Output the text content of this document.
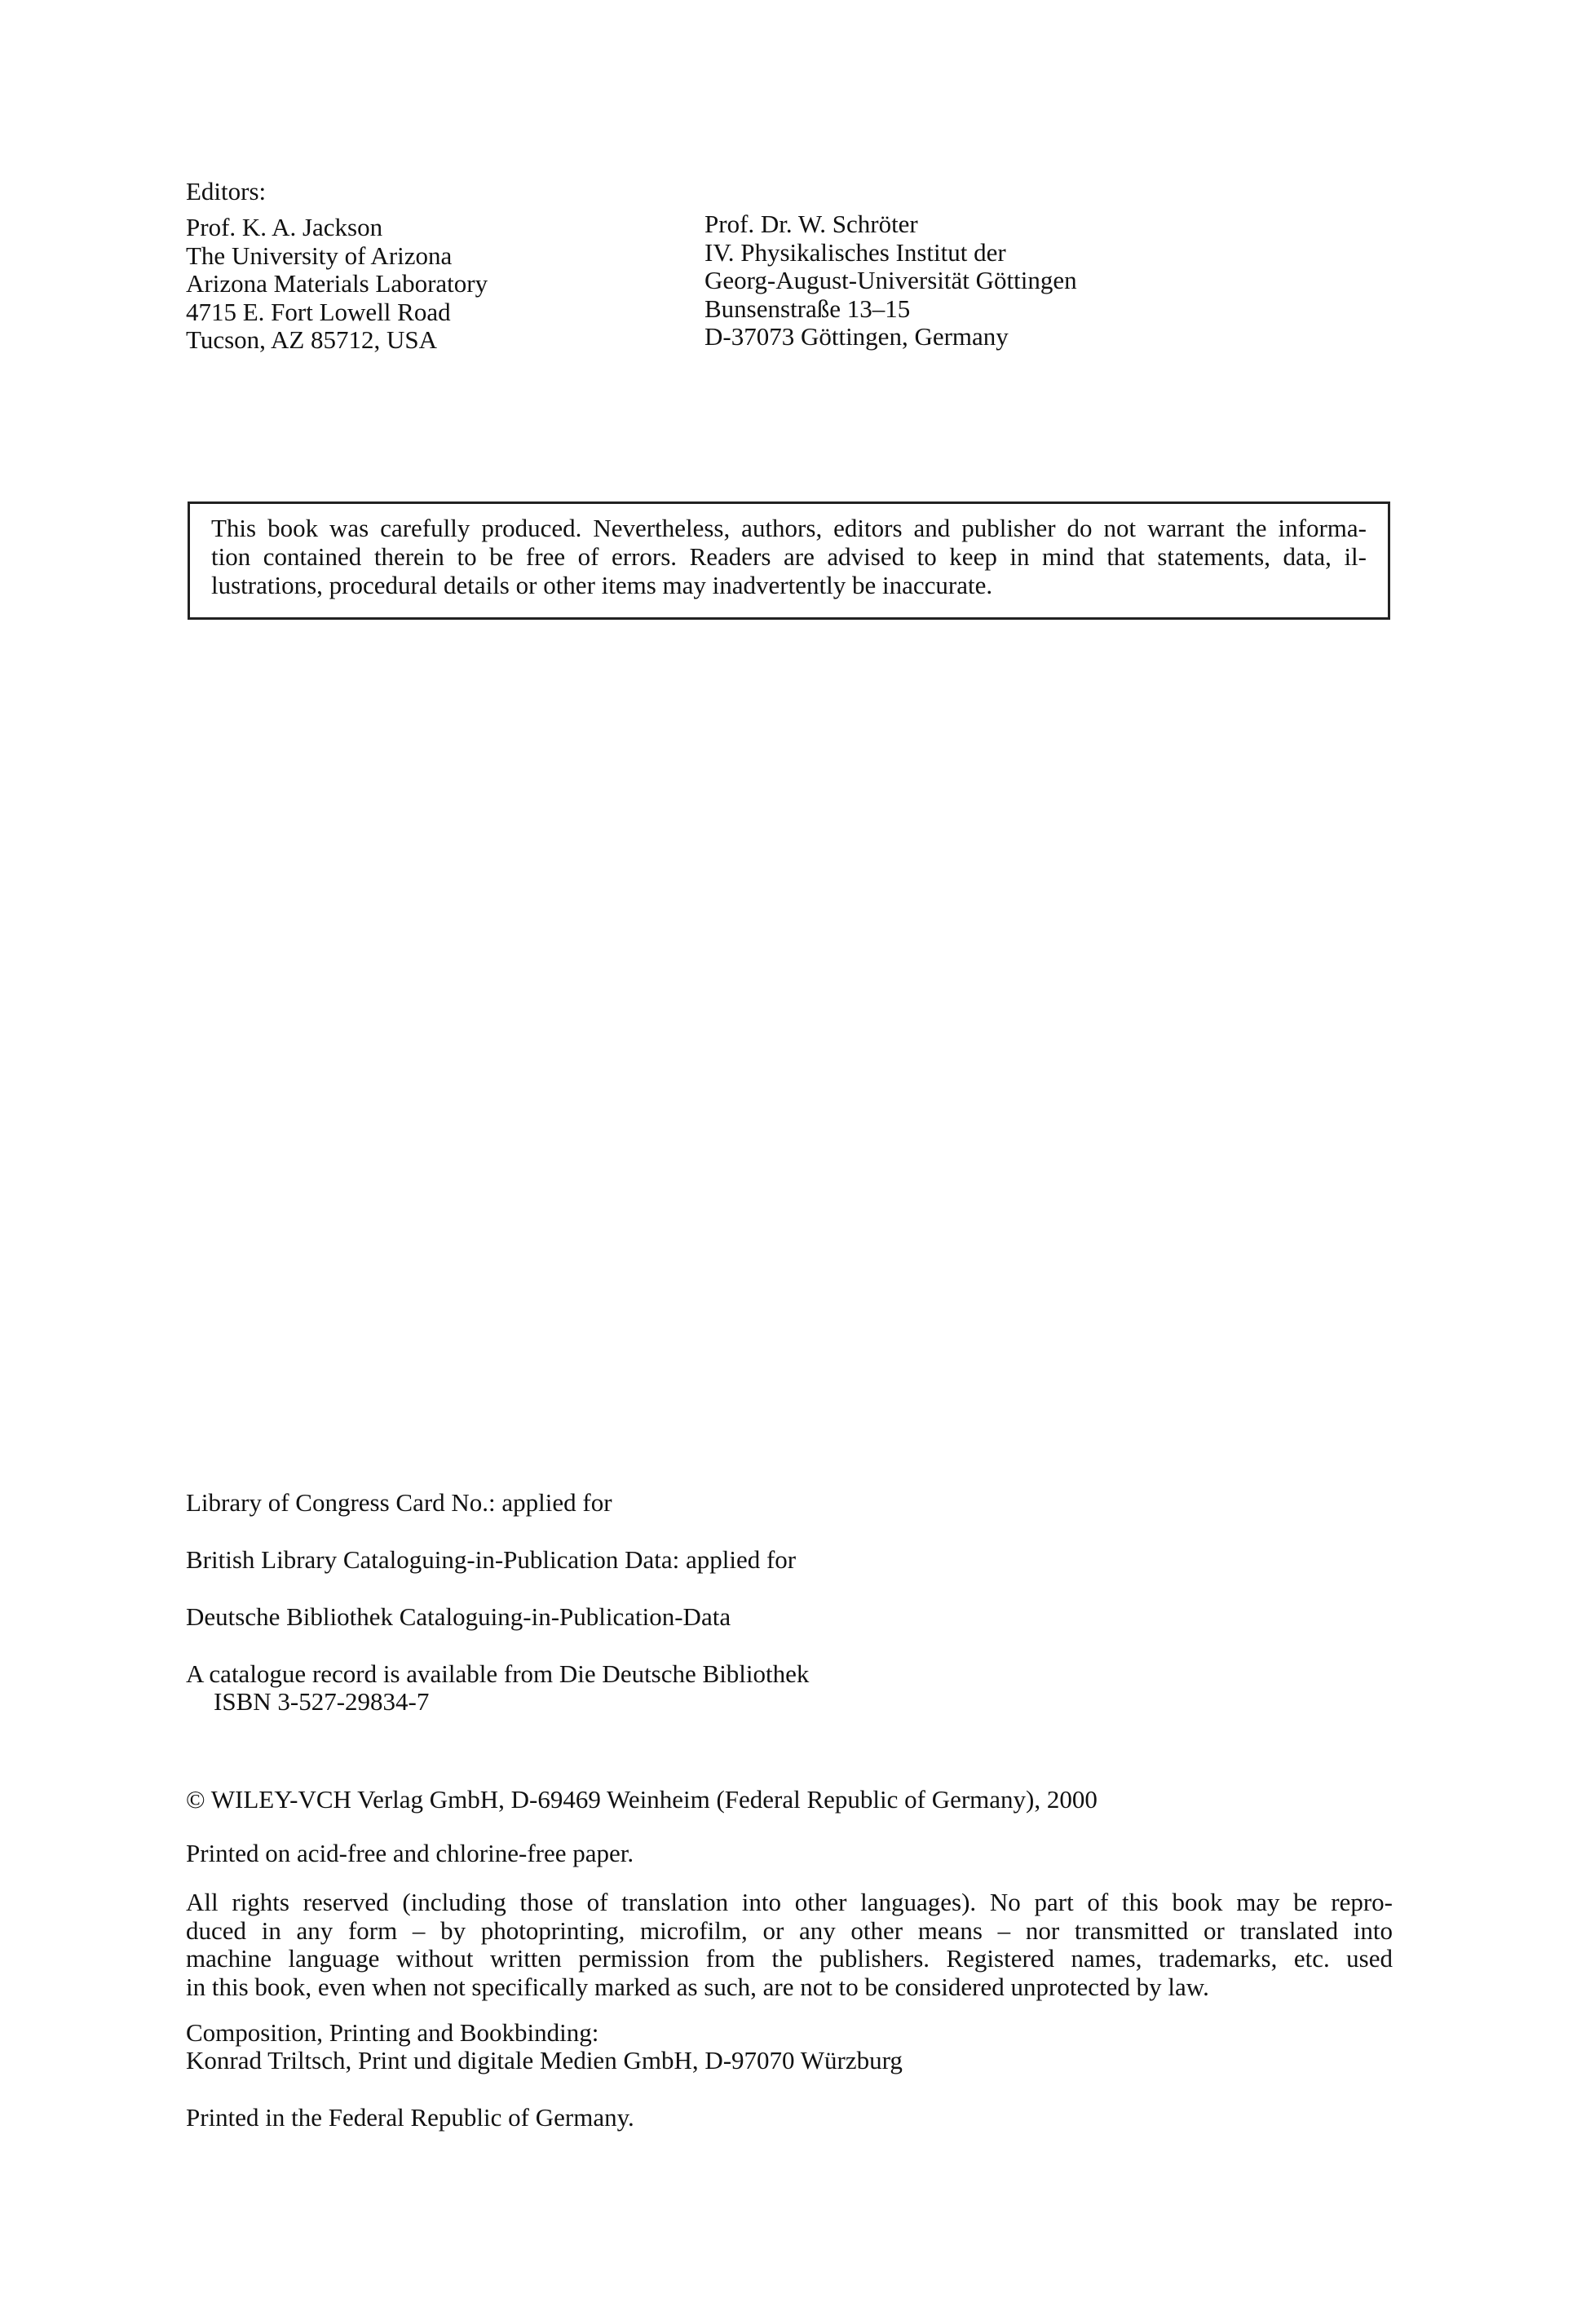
Editors:
Prof. K. A. Jackson
The University of Arizona
Arizona Materials Laboratory
4715 E. Fort Lowell Road
Tucson, AZ 85712, USA
Prof. Dr. W. Schröter
IV. Physikalisches Institut der
Georg-August-Universität Göttingen
Bunsenstraße 13–15
D-37073 Göttingen, Germany

This book was carefully produced. Nevertheless, authors, editors and publisher do not warrant the informa-

tion contained therein to be free of errors. Readers are advised to keep in mind that statements, data, il-

lustrations, procedural details or other items may inadvertently be inaccurate.

Library of Congress Card No.: applied for
British Library Cataloguing-in-Publication Data: applied for
Deutsche Bibliothek Cataloguing-in-Publication-Data
A catalogue record is available from Die Deutsche Bibliothek
ISBN 3-527-29834-7
© WILEY-VCH Verlag GmbH, D-69469 Weinheim (Federal Republic of Germany), 2000
Printed on acid-free and chlorine-free paper.
All rights reserved (including those of translation into other languages). No part of this book may be repro-
duced in any form – by photoprinting, microfilm, or any other means – nor transmitted or translated into
machine language without written permission from the publishers. Registered names, trademarks, etc. used
in this book, even when not specifically marked as such, are not to be considered unprotected by law.
Composition, Printing and Bookbinding:
Konrad Triltsch, Print und digitale Medien GmbH, D-97070 Würzburg
Printed in the Federal Republic of Germany.
